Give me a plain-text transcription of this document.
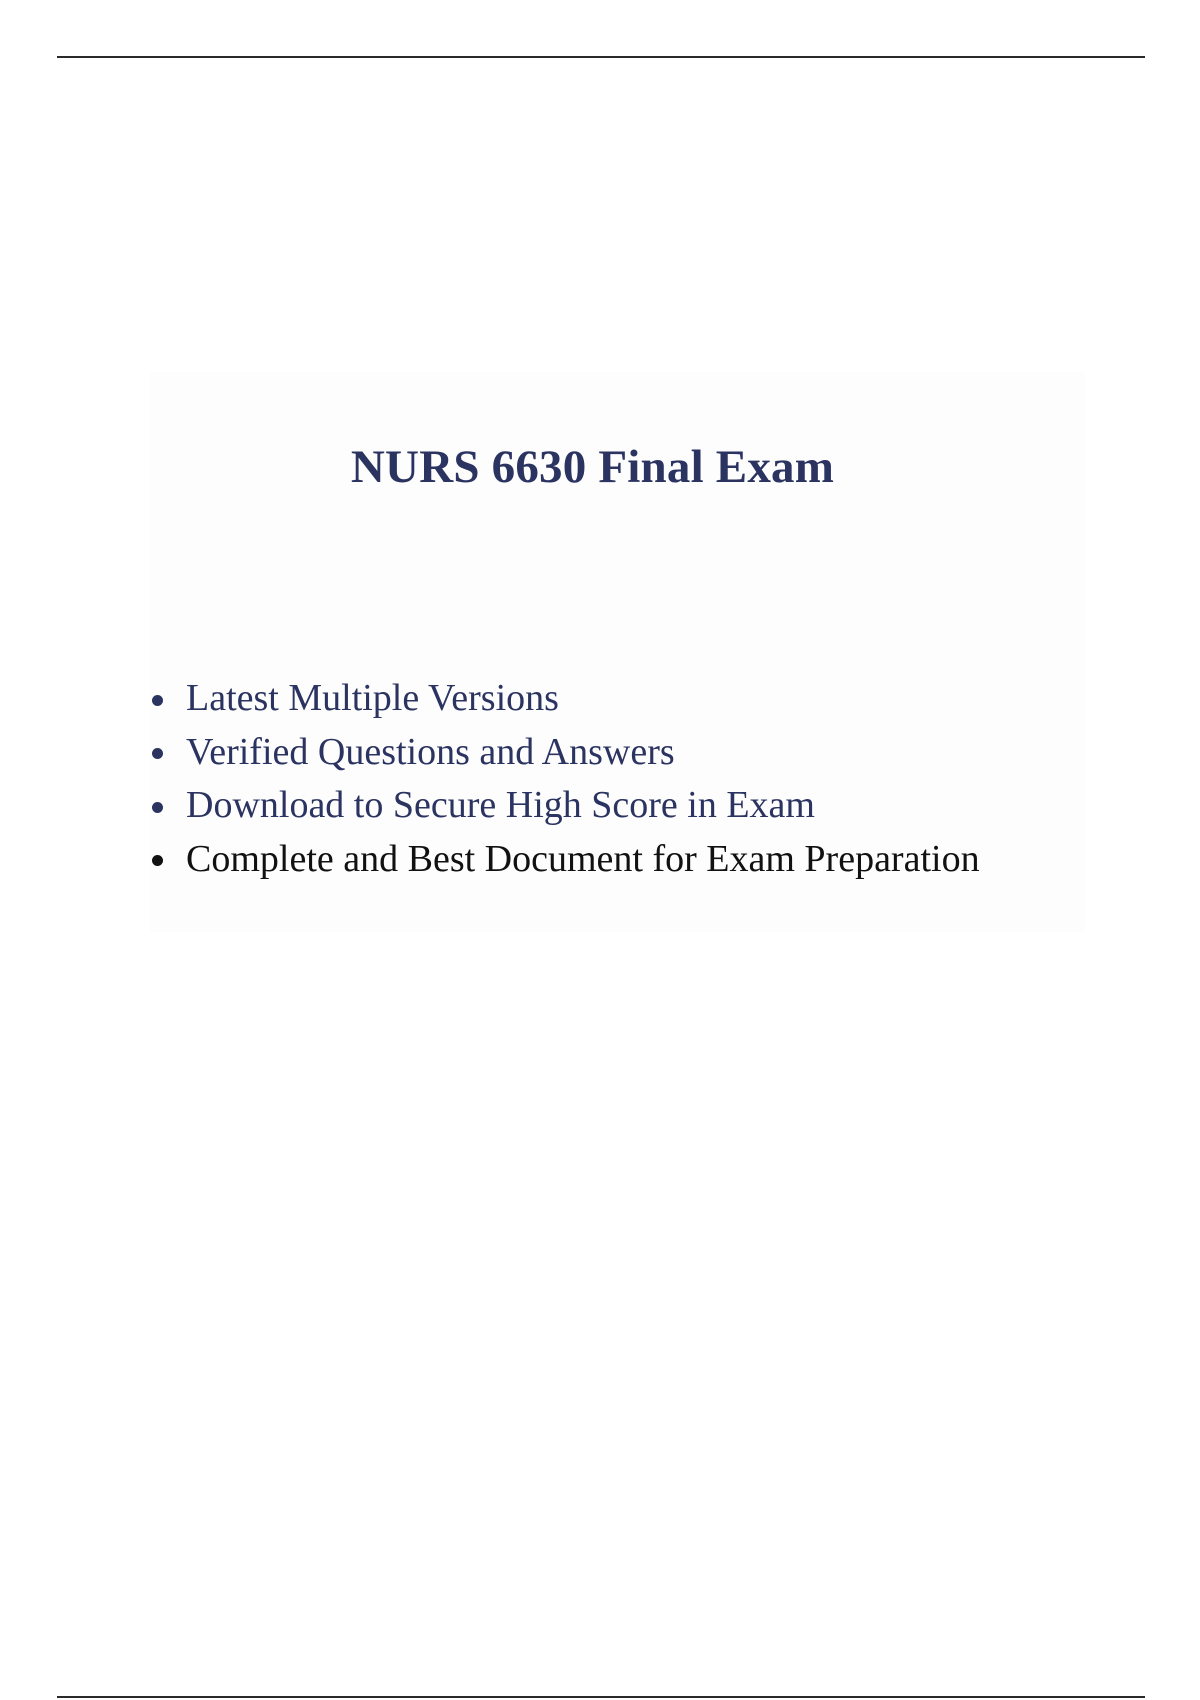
NURS 6630 Final Exam
Latest Multiple Versions
Verified Questions and Answers
Download to Secure High Score in Exam
Complete and Best Document for Exam Preparation
